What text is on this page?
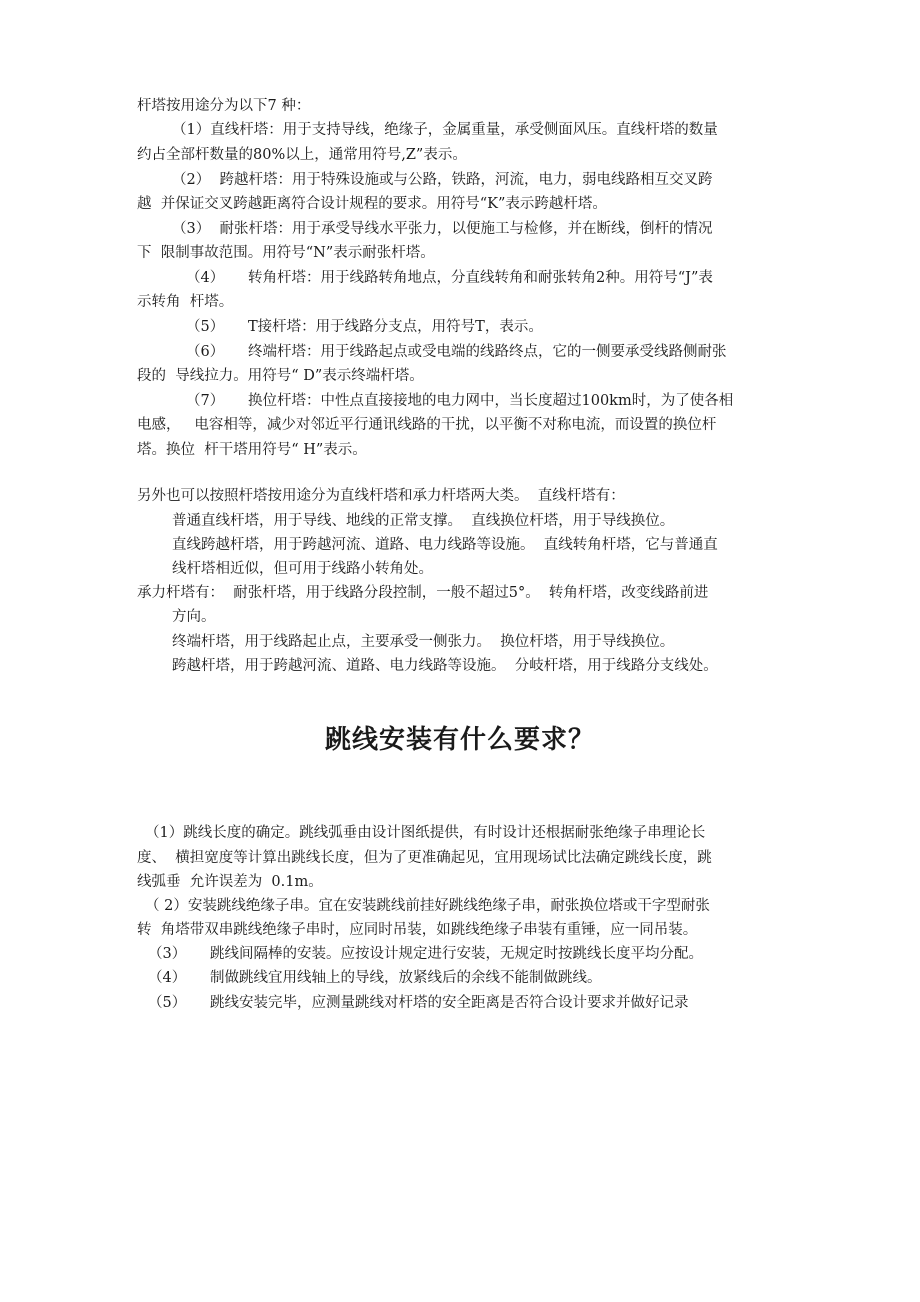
杆塔按用途分为以下7 种：
（1）直线杆塔：用于支持导线，绝缘子，金属重量，承受侧面风压。直线杆塔的数量
约占全部杆数量的80%以上，通常用符号,Z”表示。
（2） 跨越杆塔：用于特殊设施或与公路，铁路，河流，电力，弱电线路相互交叉跨
越  并保证交叉跨越距离符合设计规程的要求。用符号“K”表示跨越杆塔。
（3） 耐张杆塔：用于承受导线水平张力，以便施工与检修，并在断线，倒杆的情况
下  限制事故范围。用符号“N”表示耐张杆塔。
（4） 转角杆塔：用于线路转角地点，分直线转角和耐张转角2种。用符号“J”表
示转角  杆塔。
（5） T接杆塔：用于线路分支点，用符号T，表示。
（6） 终端杆塔：用于线路起点或受电端的线路终点，它的一侧要承受线路侧耐张
段的  导线拉力。用符号“ D”表示终端杆塔。
（7） 换位杆塔：中性点直接接地的电力网中，当长度超过100km时，为了使各相
电感，   电容相等，减少对邻近平行通讯线路的干扰，以平衡不对称电流，而设置的换位杆
塔。换位  杆干塔用符号“ H”表示。
另外也可以按照杆塔按用途分为直线杆塔和承力杆塔两大类。  直线杆塔有：
普通直线杆塔，用于导线、地线的正常支撑。  直线换位杆塔，用于导线换位。
直线跨越杆塔，用于跨越河流、道路、电力线路等设施。  直线转角杆塔，它与普通直
线杆塔相近似，但可用于线路小转角处。
承力杆塔有：  耐张杆塔，用于线路分段控制，一般不超过5°。  转角杆塔，改变线路前进
方向。
终端杆塔，用于线路起止点，主要承受一侧张力。  换位杆塔，用于导线换位。
跨越杆塔，用于跨越河流、道路、电力线路等设施。  分岐杆塔，用于线路分支线处。
跳线安装有什么要求？
（1）跳线长度的确定。跳线弧垂由设计图纸提供，有时设计还根据耐张绝缘子串理论长
度、  横担宽度等计算出跳线长度，但为了更准确起见，宜用现场试比法确定跳线长度，跳
线弧垂  允许误差为  0.1m。
（ 2）安装跳线绝缘子串。宜在安装跳线前挂好跳线绝缘子串，耐张换位塔或干字型耐张
转  角塔带双串跳线绝缘子串时，应同时吊装，如跳线绝缘子串装有重锤，应一同吊装。
（3） 跳线间隔棒的安装。应按设计规定进行安装，无规定时按跳线长度平均分配。
（4） 制做跳线宜用线轴上的导线，放紧线后的余线不能制做跳线。
（5） 跳线安装完毕，应测量跳线对杆塔的安全距离是否符合设计要求并做好记录
